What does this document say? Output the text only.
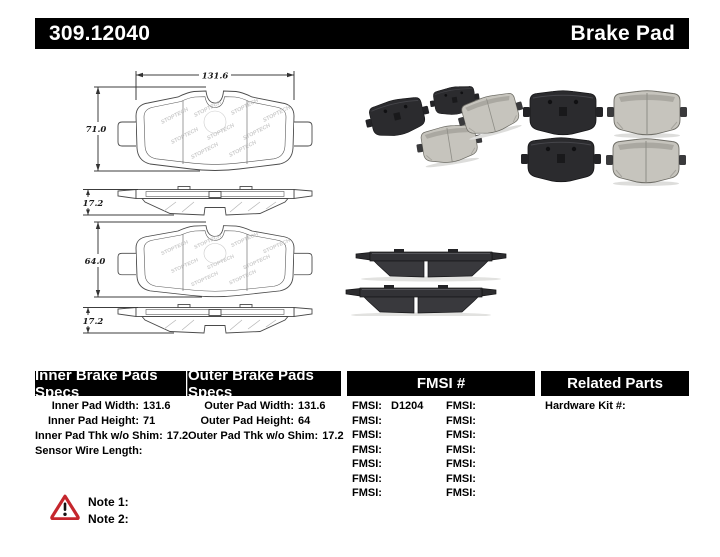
309.12040	Brake Pad
131.6
71.0
17.2
64.0
17.2
Inner Brake Pads Specs
Outer Brake Pads Specs	FMSI #	Related Parts
Inner Pad Width: 131.6
Inner Pad Height: 71
Inner Pad Thk w/o Shim: 17.2
Sensor Wire Length:
Outer Pad Width: 131.6
Outer Pad Height: 64
Outer Pad Thk w/o Shim: 17.2
FMSI: D1204
FMSI:
FMSI:
FMSI:
FMSI:
FMSI:
FMSI:
FMSI:
FMSI:
FMSI:
FMSI:
FMSI:
FMSI:
FMSI:
Hardware Kit #:
Note 1:
Note 2:
